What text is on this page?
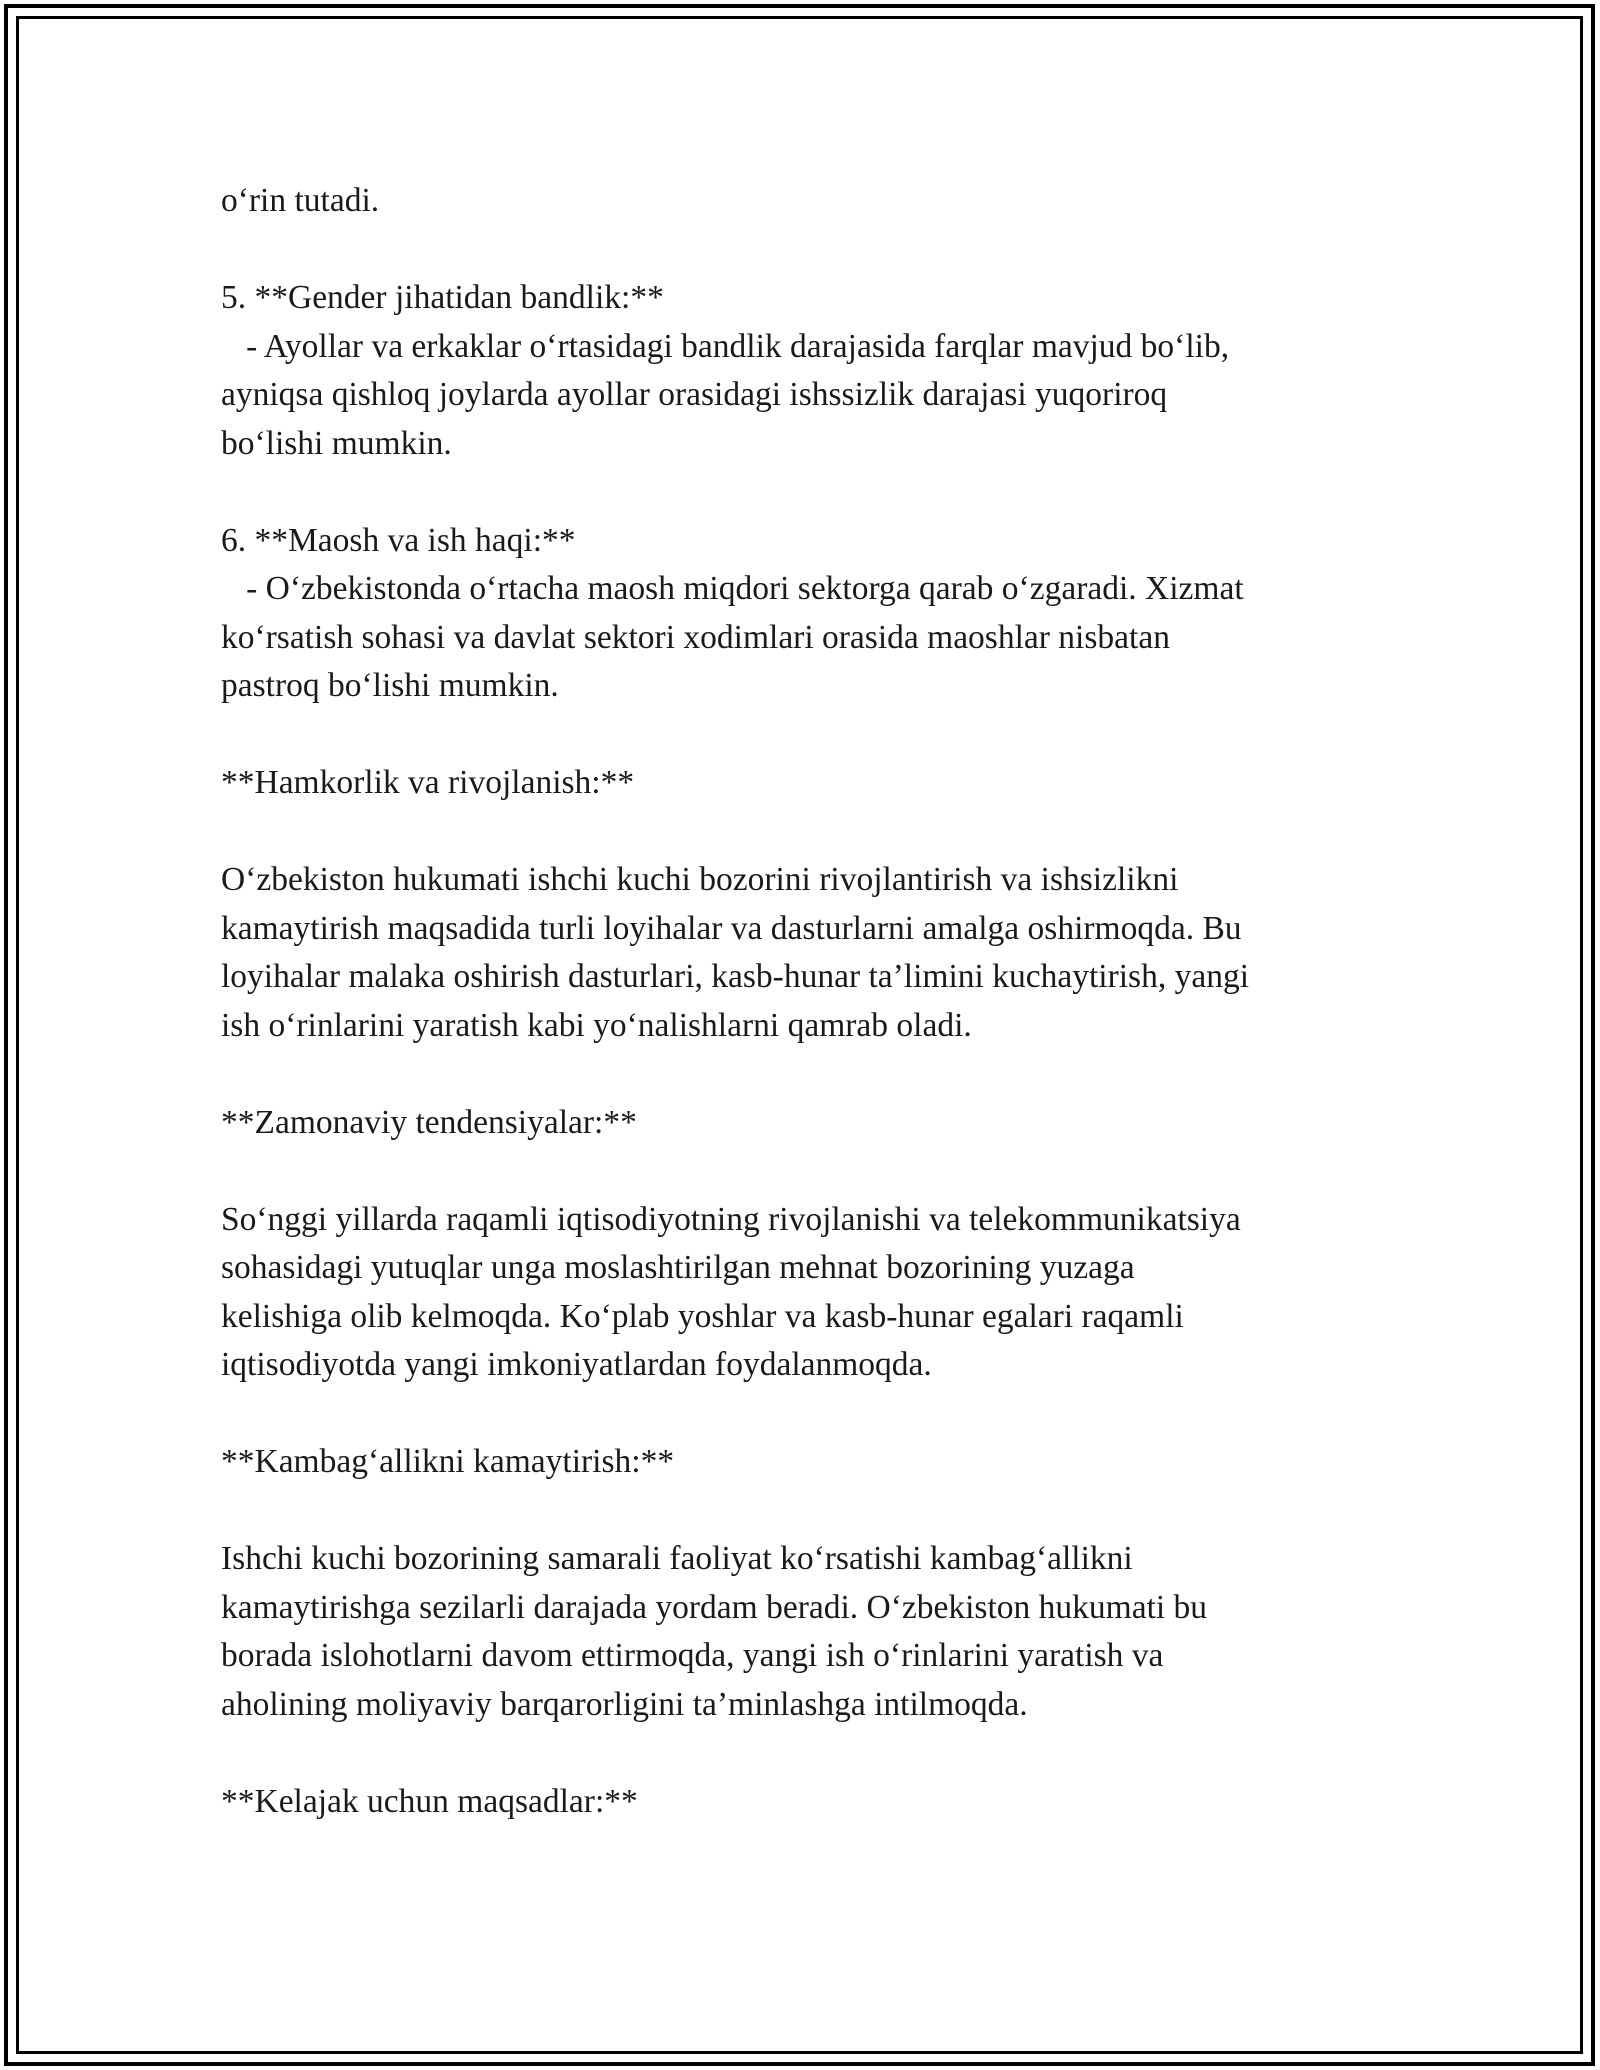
o‘rin tutadi.
5. **Gender jihatidan bandlik:**
- Ayollar va erkaklar o‘rtasidagi bandlik darajasida farqlar mavjud bo‘lib,
ayniqsa qishloq joylarda ayollar orasidagi ishssizlik darajasi yuqoriroq
bo‘lishi mumkin.
6. **Maosh va ish haqi:**
- O‘zbekistonda o‘rtacha maosh miqdori sektorga qarab o‘zgaradi. Xizmat
ko‘rsatish sohasi va davlat sektori xodimlari orasida maoshlar nisbatan
pastroq bo‘lishi mumkin.
**Hamkorlik va rivojlanish:**
O‘zbekiston hukumati ishchi kuchi bozorini rivojlantirish va ishsizlikni
kamaytirish maqsadida turli loyihalar va dasturlarni amalga oshirmoqda. Bu
loyihalar malaka oshirish dasturlari, kasb-hunar ta’limini kuchaytirish, yangi
ish o‘rinlarini yaratish kabi yo‘nalishlarni qamrab oladi.
**Zamonaviy tendensiyalar:**
So‘nggi yillarda raqamli iqtisodiyotning rivojlanishi va telekommunikatsiya
sohasidagi yutuqlar unga moslashtirilgan mehnat bozorining yuzaga
kelishiga olib kelmoqda. Ko‘plab yoshlar va kasb-hunar egalari raqamli
iqtisodiyotda yangi imkoniyatlardan foydalanmoqda.
**Kambag‘allikni kamaytirish:**
Ishchi kuchi bozorining samarali faoliyat ko‘rsatishi kambag‘allikni
kamaytirishga sezilarli darajada yordam beradi. O‘zbekiston hukumati bu
borada islohotlarni davom ettirmoqda, yangi ish o‘rinlarini yaratish va
aholining moliyaviy barqarorligini ta’minlashga intilmoqda.
**Kelajak uchun maqsadlar:**
